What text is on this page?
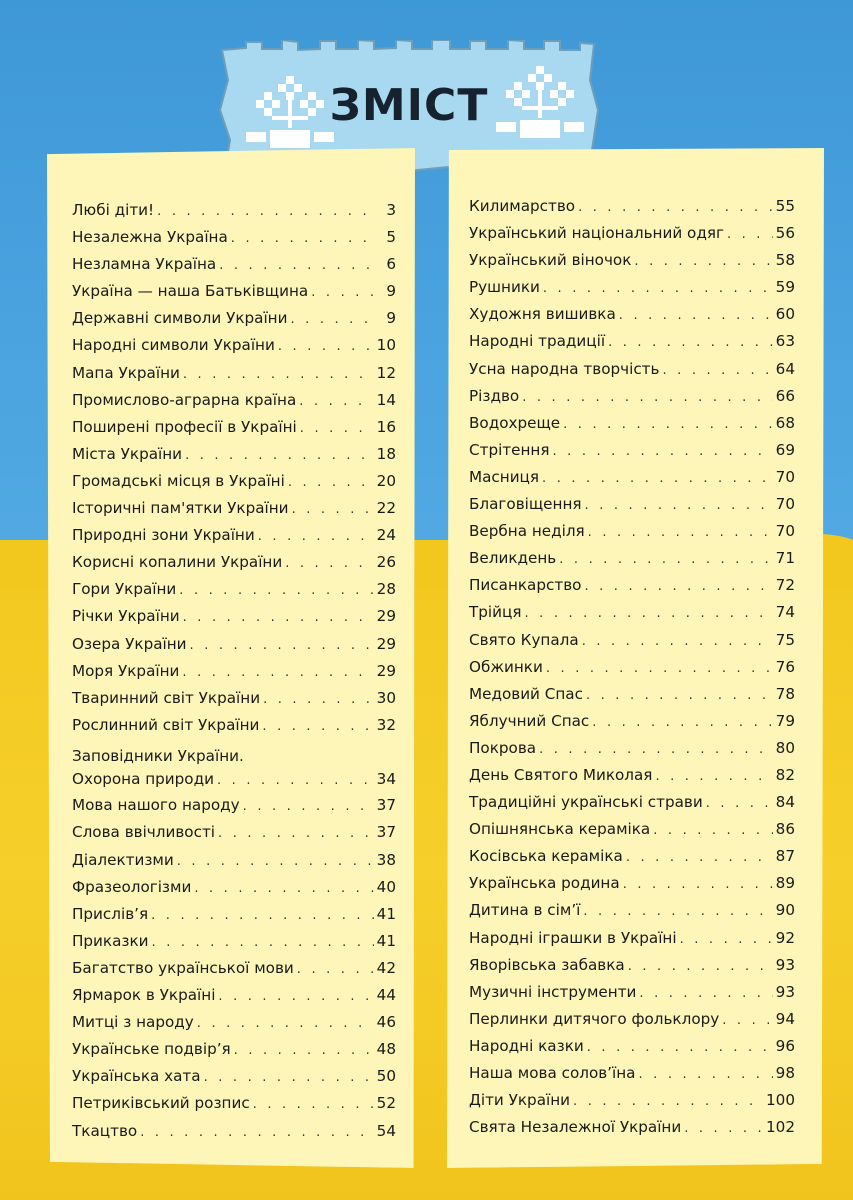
ЗМІСТ
Любі діти! . . .	3
Незалежна Україна . . .	5
Незламна Україна . . .	6
Україна — наша Батьківщина . . .	9
Державні символи України . . .	9
Народні символи України . . .	10
Мапа України . . .	12
Промислово-аграрна країна . . .	14
Поширені професії в Україні . . .	16
Міста України . . .	18
Громадські місця в Україні . . .	20
Історичні пам'ятки України . . .	22
Природні зони України . . .	24
Корисні копалини України . . .	26
Гори України . . .	28
Річки України . . .	29
Озера України . . .	29
Моря України . . .	29
Тваринний світ України . . .	30
Рослинний світ України . . .	32
Заповідники України.
Охорона природи . . .	34
Мова нашого народу . . .	37
Слова ввічливості . . .	37
Діалектизми . . .	38
Фразеологізми . . .	40
Прислів’я . . .	41
Приказки . . .	41
Багатство української мови . . .	42
Ярмарок в Україні . . .	44
Митці з народу . . .	46
Українське подвір’я . . .	48
Українська хата . . .	50
Петриківський розпис . . .	52
Ткацтво . . .	54
Килимарство . . .	55
Український національний одяг . . .	56
Український віночок . . .	58
Рушники . . .	59
Художня вишивка . . .	60
Народні традиції . . .	63
Усна народна творчість . . .	64
Різдво . . .	66
Водохреще . . .	68
Стрітення . . .	69
Масниця . . .	70
Благовіщення . . .	70
Вербна неділя . . .	70
Великдень . . .	71
Писанкарство . . .	72
Трійця . . .	74
Свято Купала . . .	75
Обжинки . . .	76
Медовий Спас . . .	78
Яблучний Спас . . .	79
Покрова . . .	80
День Святого Миколая . . .	82
Традиційні українські страви . . .	84
Опішнянська кераміка . . .	86
Косівська кераміка . . .	87
Українська родина . . .	89
Дитина в сім’ї . . .	90
Народні іграшки в Україні . . .	92
Яворівська забавка . . .	93
Музичні інструменти . . .	93
Перлинки дитячого фольклору . . .	94
Народні казки . . .	96
Наша мова солов’їна . . .	98
Діти України . . .	100
Свята Незалежної України . . .	102
